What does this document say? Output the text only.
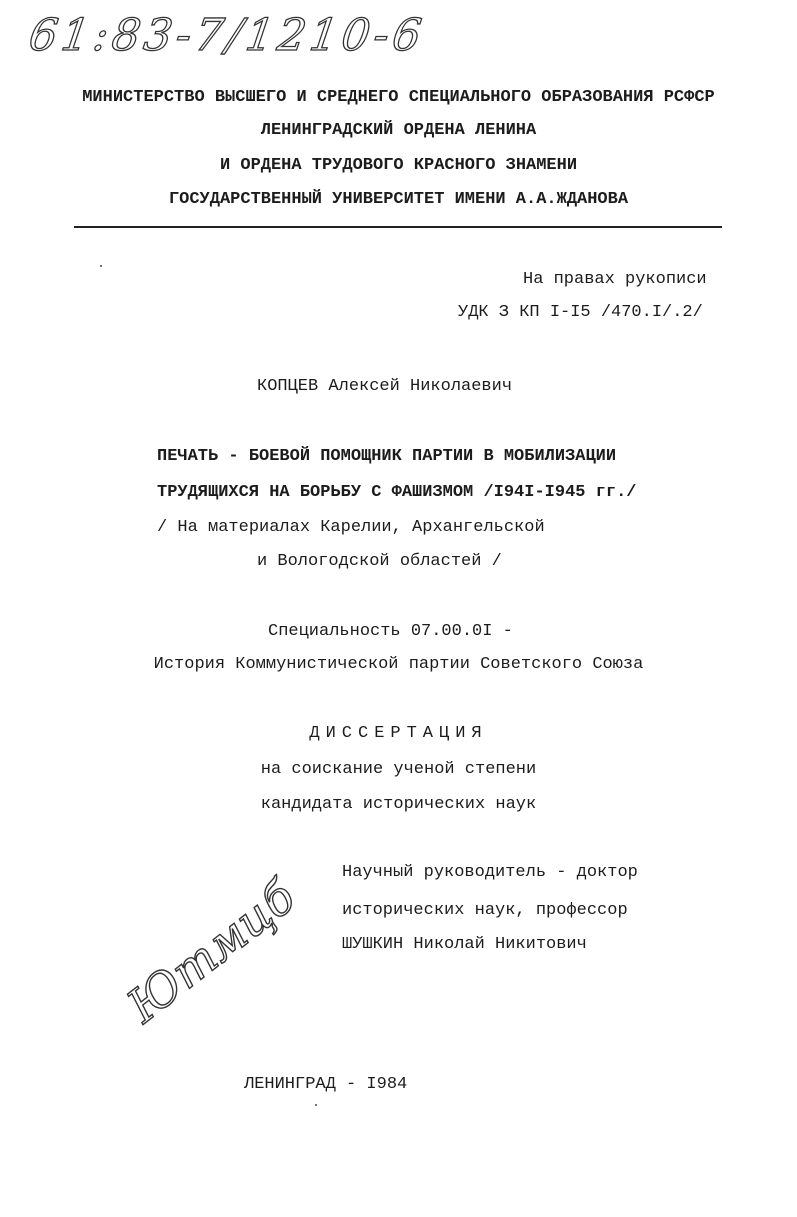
61:83-7/1210-6
МИНИСТЕРСТВО ВЫСШЕГО И СРЕДНЕГО СПЕЦИАЛЬНОГО ОБРАЗОВАНИЯ РСФСР
ЛЕНИНГРАДСКИЙ ОРДЕНА ЛЕНИНА
И ОРДЕНА ТРУДОВОГО КРАСНОГО ЗНАМЕНИ
ГОСУДАРСТВЕННЫЙ УНИВЕРСИТЕТ ИМЕНИ А.А.ЖДАНОВА
На правах рукописи
УДК З КП I-I5 /470.I/.2/
КОПЦЕВ Алексей Николаевич
ПЕЧАТЬ - БОЕВОЙ ПОМОЩНИК ПАРТИИ В МОБИЛИЗАЦИИ
ТРУДЯЩИХСЯ НА БОРЬБУ С ФАШИЗМОМ /I94I-I945 гг./
/ На материалах Карелии, Архангельской
и Вологодской областей /
Специальность 07.00.0I -
История Коммунистической партии Советского Союза
ДИССЕРТАЦИЯ
на соискание ученой степени
кандидата исторических наук
Научный руководитель - доктор
исторических наук, профессор
ШУШКИН Николай Никитович
Ютмцб
ЛЕНИНГРАД - I984
